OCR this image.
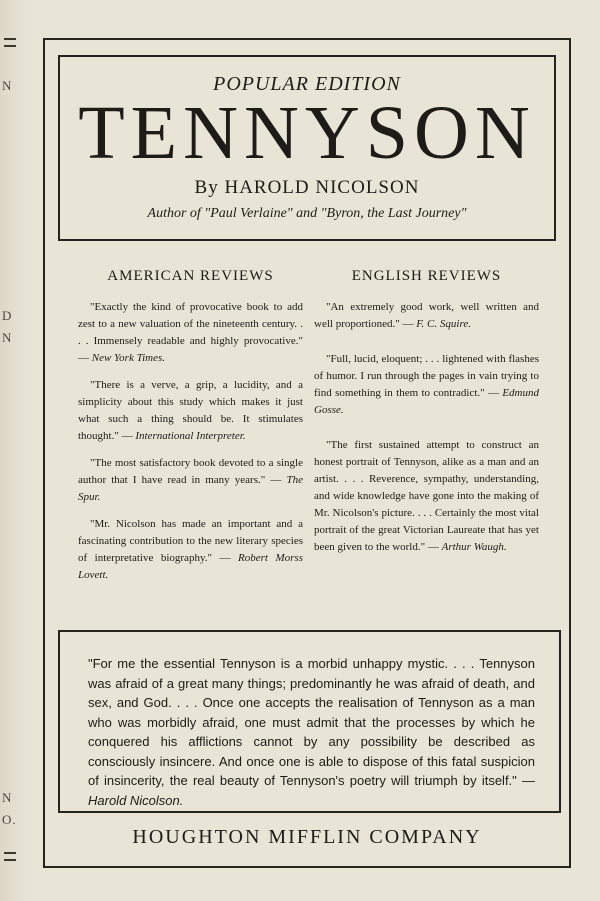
N
D
N
N
O.
POPULAR EDITION
TENNYSON
By HAROLD NICOLSON
Author of "Paul Verlaine" and "Byron, the Last Journey"

AMERICAN REVIEWS

"Exactly the kind of provocative book to add zest to a new valuation of the nineteenth century. . . . Immensely readable and highly provocative." — New York Times.

"There is a verve, a grip, a lucidity, and a simplicity about this study which makes it just what such a thing should be. It stimulates thought." — International Interpreter.

"The most satisfactory book devoted to a single author that I have read in many years." — The Spur.

"Mr. Nicolson has made an important and a fascinating contribution to the new literary species of interpretative biography." — Robert Morss Lovett.

ENGLISH REVIEWS

"An extremely good work, well written and well proportioned." — F. C. Squire.

"Full, lucid, eloquent; . . . lightened with flashes of humor. I run through the pages in vain trying to find something in them to contradict." — Edmund Gosse.

"The first sustained attempt to construct an honest portrait of Tennyson, alike as a man and an artist. . . . Reverence, sympathy, understanding, and wide knowledge have gone into the making of Mr. Nicolson's picture. . . . Certainly the most vital portrait of the great Victorian Laureate that has yet been given to the world." — Arthur Waugh.

"For me the essential Tennyson is a morbid unhappy mystic. . . . Tennyson was afraid of a great many things; predominantly he was afraid of death, and sex, and God. . . . Once one accepts the realisation of Tennyson as a man who was morbidly afraid, one must admit that the processes by which he conquered his afflictions cannot by any possibility be described as consciously insincere. And once one is able to dispose of this fatal suspicion of insincerity, the real beauty of Tennyson's poetry will triumph by itself." — Harold Nicolson.

HOUGHTON MIFFLIN COMPANY
